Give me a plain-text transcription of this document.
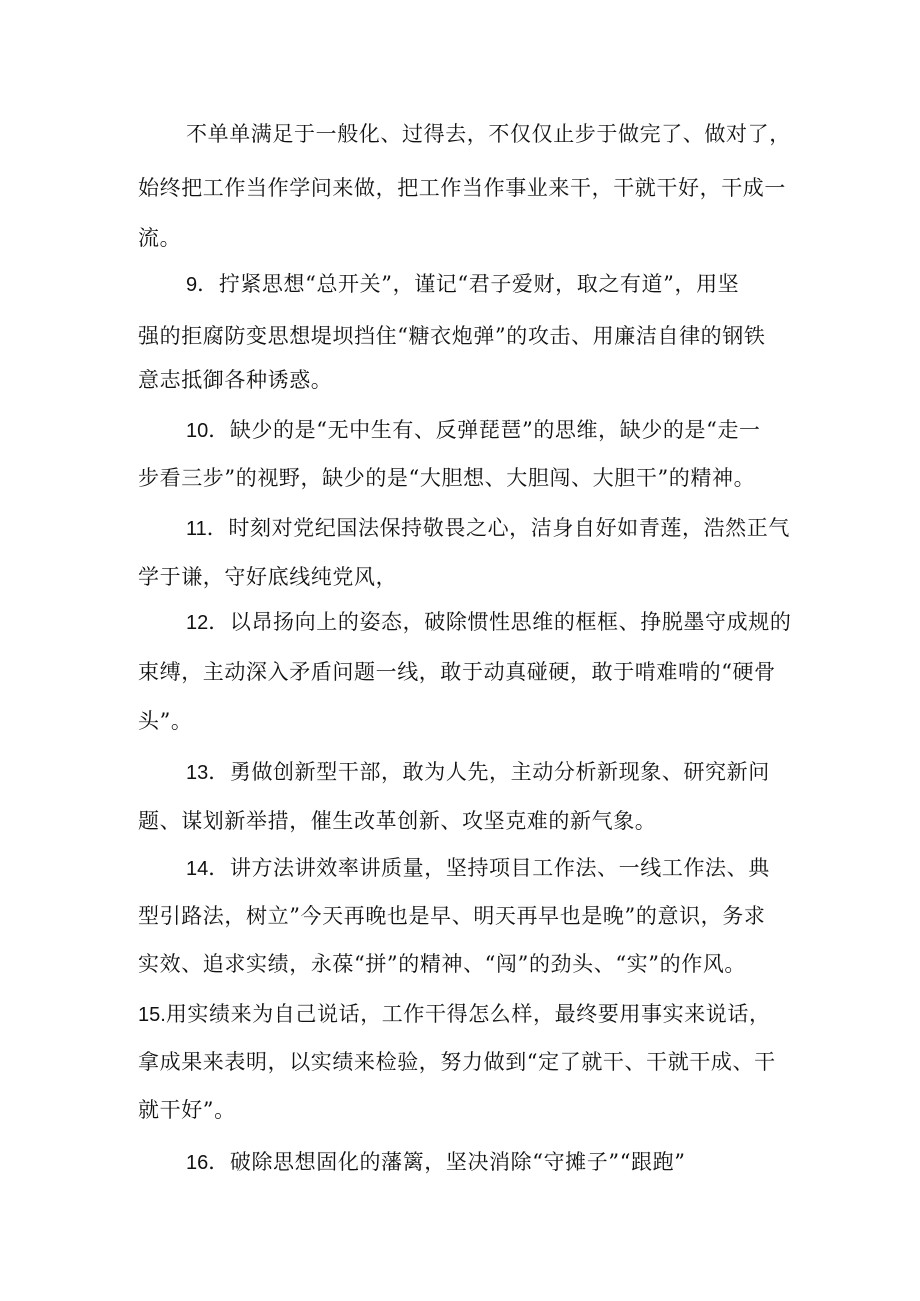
不单单满足于一般化、过得去，不仅仅止步于做完了、做对了，
始终把工作当作学问来做，把工作当作事业来干，干就干好，干成一
流。
9．拧紧思想“总开关”，谨记“君子爱财，取之有道”，用坚
强的拒腐防变思想堤坝挡住“糖衣炮弹”的攻击、用廉洁自律的钢铁
意志抵御各种诱惑。
10．缺少的是“无中生有、反弹琵琶”的思维，缺少的是“走一
步看三步”的视野，缺少的是“大胆想、大胆闯、大胆干”的精神。
11．时刻对党纪国法保持敬畏之心，洁身自好如青莲，浩然正气
学于谦，守好底线纯党风，
12．以昂扬向上的姿态，破除惯性思维的框框、挣脱墨守成规的
束缚，主动深入矛盾问题一线，敢于动真碰硬，敢于啃难啃的“硬骨
头”。
13．勇做创新型干部，敢为人先，主动分析新现象、研究新问
题、谋划新举措，催生改革创新、攻坚克难的新气象。
14．讲方法讲效率讲质量，坚持项目工作法、一线工作法、典
型引路法，树立”今天再晚也是早、明天再早也是晚”的意识，务求
实效、追求实绩，永葆“拼”的精神、“闯”的劲头、“实”的作风。
15.用实绩来为自己说话，工作干得怎么样，最终要用事实来说话，
拿成果来表明，以实绩来检验，努力做到“定了就干、干就干成、干
就干好”。
16．破除思想固化的藩篱，坚决消除“守摊子”“跟跑”
